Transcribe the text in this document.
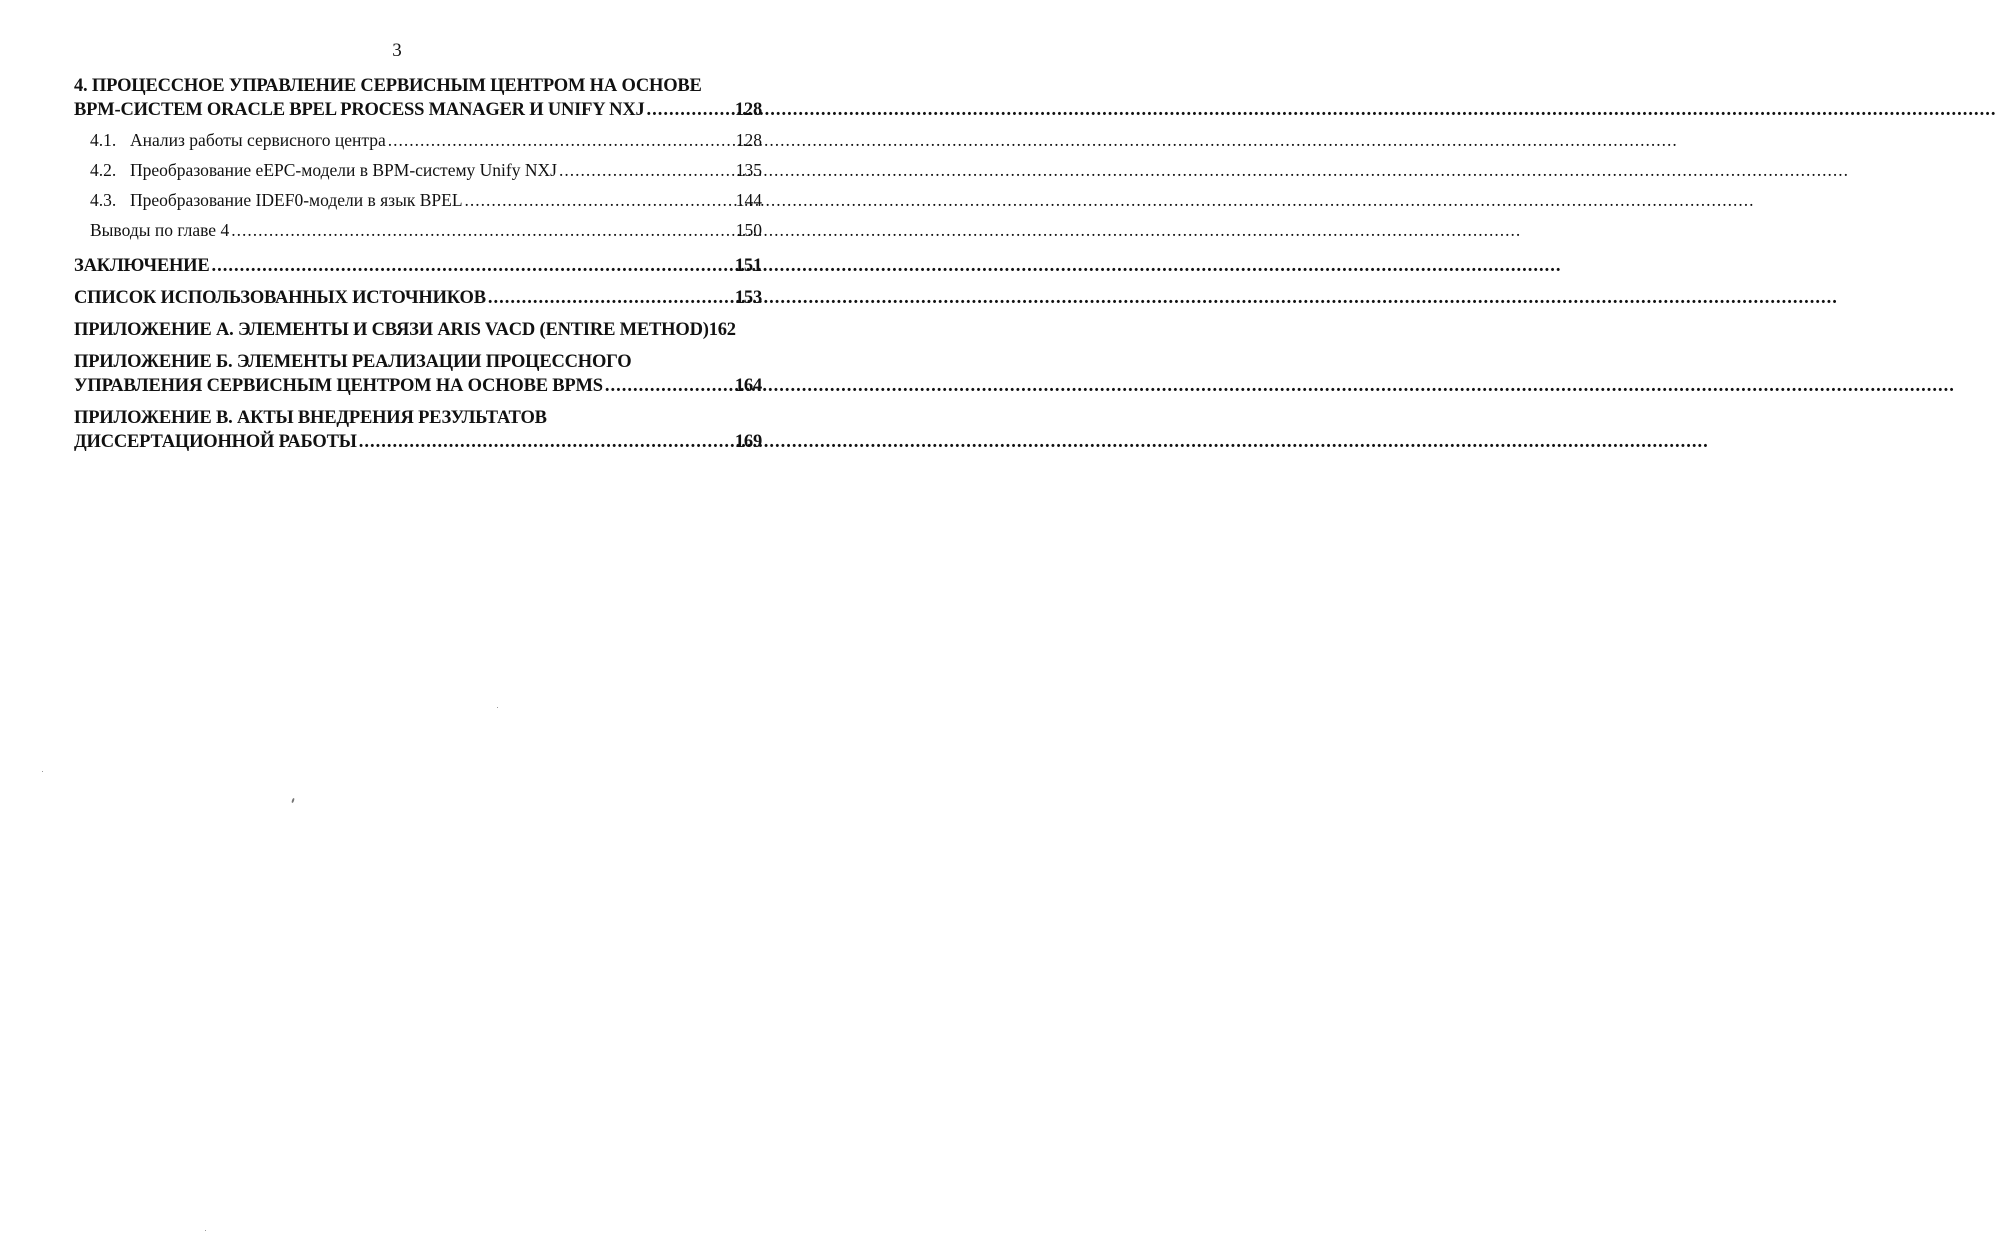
3
4. ПРОЦЕССНОЕ УПРАВЛЕНИЕ СЕРВИСНЫМ ЦЕНТРОМ НА ОСНОВЕ
BPM-СИСТЕМ ORACLE BPEL PROCESS MANAGER И UNIFY NXJ .....	128
4.1. Анализ работы сервисного центра .....	128
4.2. Преобразование eEPC-модели в BPM-систему Unify NXJ .....	135
4.3. Преобразование IDEF0-модели в язык BPEL .....	144
Выводы по главе 4 .....	150
ЗАКЛЮЧЕНИЕ .....	151
СПИСОК ИСПОЛЬЗОВАННЫХ ИСТОЧНИКОВ .....	153
ПРИЛОЖЕНИЕ А. ЭЛЕМЕНТЫ И СВЯЗИ ARIS VACD (ENTIRE METHOD) 162
ПРИЛОЖЕНИЕ Б. ЭЛЕМЕНТЫ РЕАЛИЗАЦИИ ПРОЦЕССНОГО
УПРАВЛЕНИЯ СЕРВИСНЫМ ЦЕНТРОМ НА ОСНОВЕ BPMS .....	164
ПРИЛОЖЕНИЕ В. АКТЫ ВНЕДРЕНИЯ РЕЗУЛЬТАТОВ
ДИССЕРТАЦИОННОЙ РАБОТЫ .....	169
